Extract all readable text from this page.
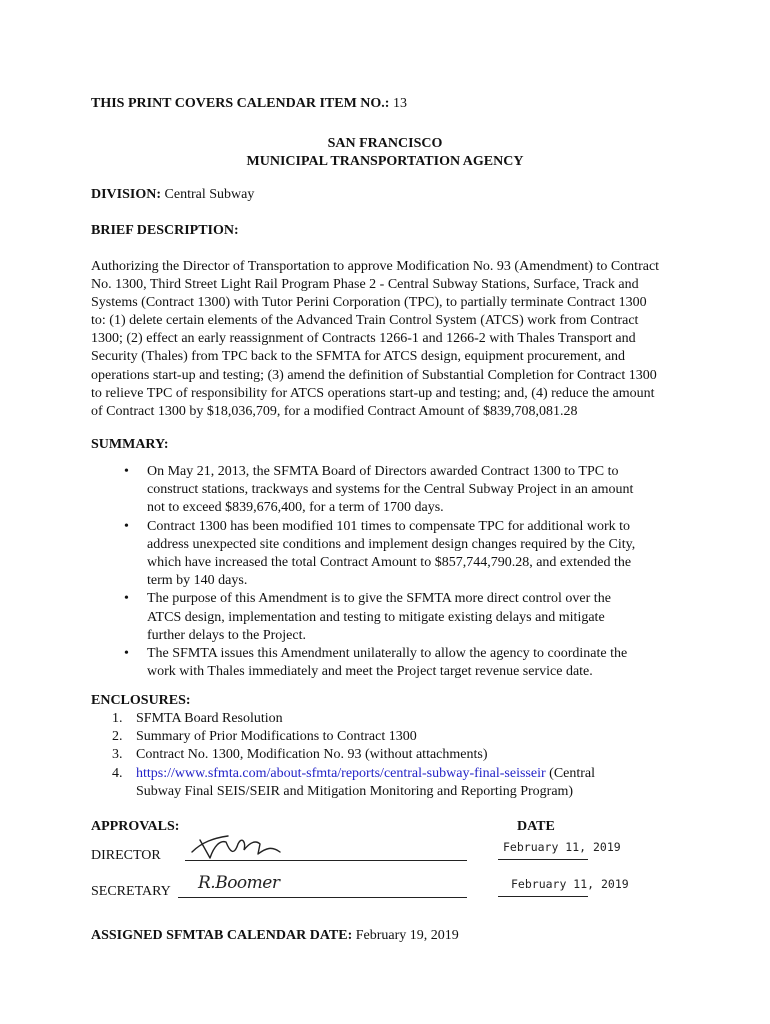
THIS PRINT COVERS CALENDAR ITEM NO.: 13
SAN FRANCISCO
MUNICIPAL TRANSPORTATION AGENCY
DIVISION: Central Subway
BRIEF DESCRIPTION:
Authorizing the Director of Transportation to approve Modification No. 93 (Amendment) to Contract
No. 1300, Third Street Light Rail Program Phase 2 - Central Subway Stations, Surface, Track and
Systems (Contract 1300) with Tutor Perini Corporation (TPC), to partially terminate Contract 1300
to: (1) delete certain elements of the Advanced Train Control System (ATCS) work from Contract
1300; (2) effect an early reassignment of Contracts 1266-1 and 1266-2 with Thales Transport and
Security (Thales) from TPC back to the SFMTA for ATCS design, equipment procurement, and
operations start-up and testing; (3) amend the definition of Substantial Completion for Contract 1300
to relieve TPC of responsibility for ATCS operations start-up and testing; and, (4) reduce the amount
of Contract 1300 by $18,036,709, for a modified Contract Amount of $839,708,081.28
SUMMARY:
• On May 21, 2013, the SFMTA Board of Directors awarded Contract 1300 to TPC to
construct stations, trackways and systems for the Central Subway Project in an amount
not to exceed $839,676,400, for a term of 1700 days.
• Contract 1300 has been modified 101 times to compensate TPC for additional work to
address unexpected site conditions and implement design changes required by the City,
which have increased the total Contract Amount to $857,744,790.28, and extended the
term by 140 days.
• The purpose of this Amendment is to give the SFMTA more direct control over the
ATCS design, implementation and testing to mitigate existing delays and mitigate
further delays to the Project.
• The SFMTA issues this Amendment unilaterally to allow the agency to coordinate the
work with Thales immediately and meet the Project target revenue service date.
ENCLOSURES:
1. SFMTA Board Resolution
2. Summary of Prior Modifications to Contract 1300
3. Contract No. 1300, Modification No. 93 (without attachments)
4. https://www.sfmta.com/about-sfmta/reports/central-subway-final-seisseir (Central
Subway Final SEIS/SEIR and Mitigation Monitoring and Reporting Program)
APPROVALS:	DATE
DIRECTOR
February 11, 2019
SECRETARY R.Boomer	February 11, 2019
ASSIGNED SFMTAB CALENDAR DATE: February 19, 2019
